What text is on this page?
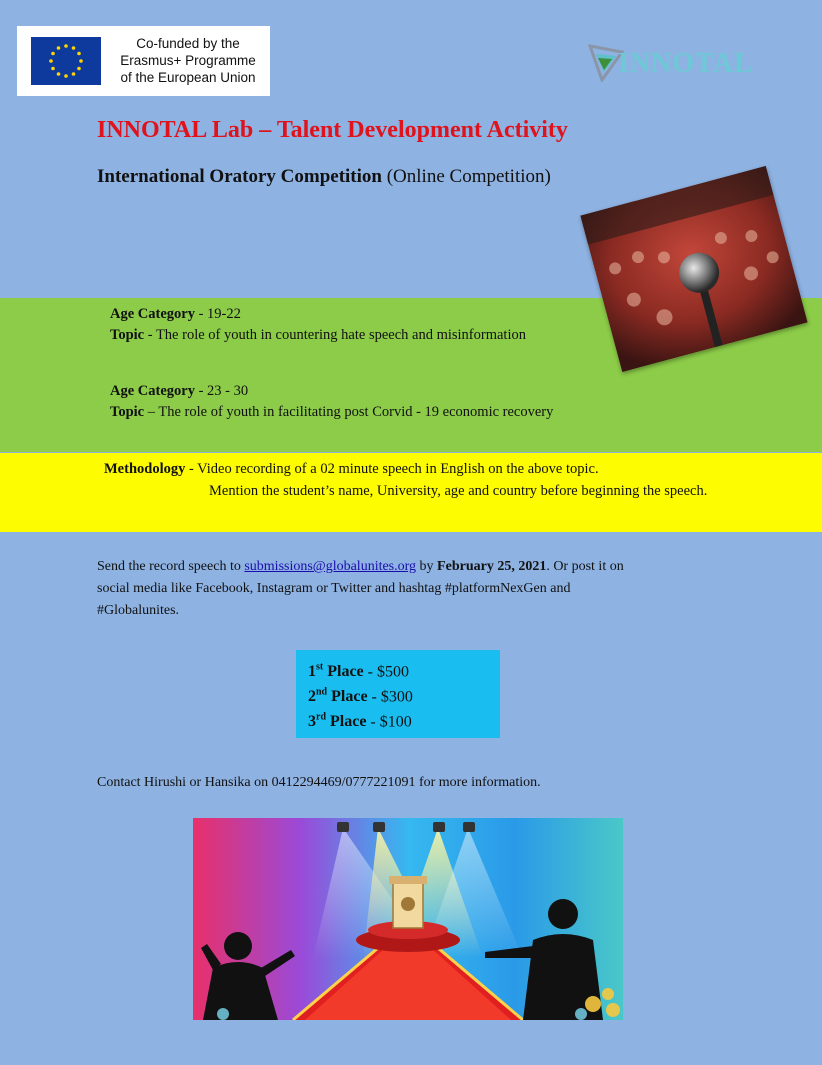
Co-funded by the
Erasmus+ Programme
of the European Union	INNOTAL
INNOTAL Lab – Talent Development Activity
International Oratory Competition (Online Competition)
Age Category - 19-22
Topic - The role of youth in countering hate speech and misinformation
Age Category - 23 - 30
Topic – The role of youth in facilitating post Corvid - 19 economic recovery
Methodology - Video recording of a 02 minute speech in English on the above topic.
Mention the student’s name, University, age and country before beginning the speech.
Send the record speech to submissions@globalunites.org by February 25, 2021. Or post it on
social media like Facebook, Instagram or Twitter and hashtag #platformNexGen and
#Globalunites.
1st Place - $500
2nd Place - $300
3rd Place - $100
Contact Hirushi or Hansika on 0412294469/0777221091 for more information.
